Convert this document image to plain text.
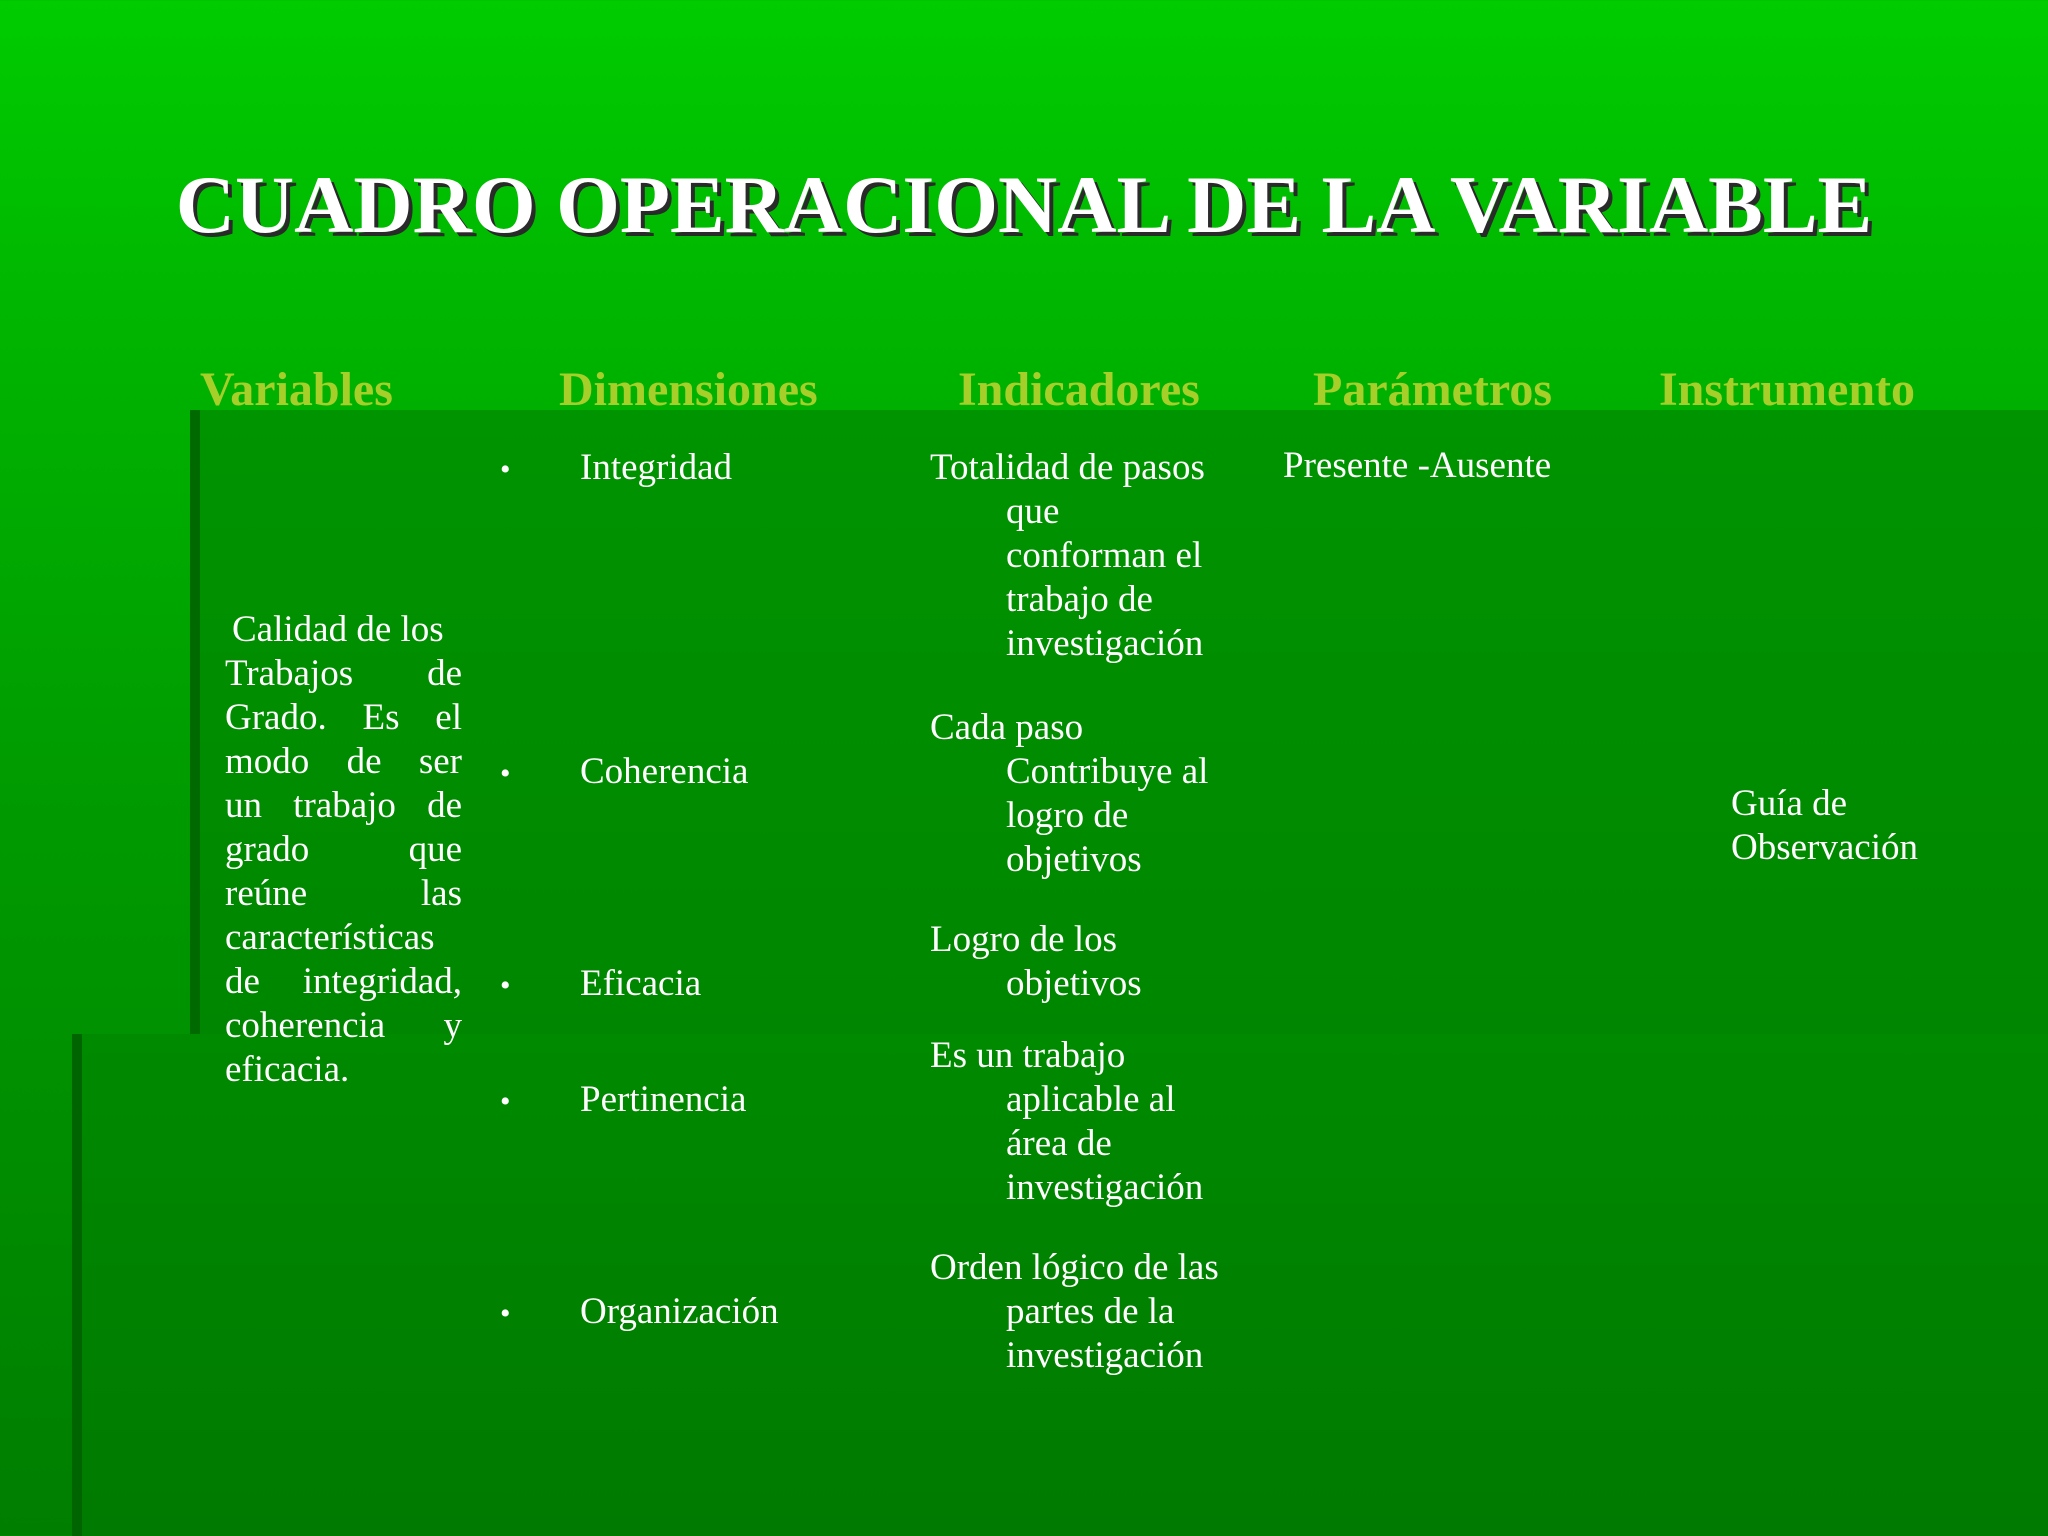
CUADRO OPERACIONAL DE LA VARIABLE
Variables	Dimensiones	Indicadores Parámetros Instrumento
Calidad de los
Trabajos de
Grado. Es el
modo de ser
un trabajo de
grado que
reúne las
características
de integridad,
coherencia y
eficacia.
• Integridad
• Coherencia
• Eficacia
• Pertinencia
• Organización
Totalidad de pasos
que conforman el trabajo de investigación
Cada paso
Contribuye al logro de objetivos
Logro de los
objetivos
Es un trabajo
aplicable al área de investigación
Orden lógico de las
partes de la investigación
Presente -Ausente
Guía de
Observación
